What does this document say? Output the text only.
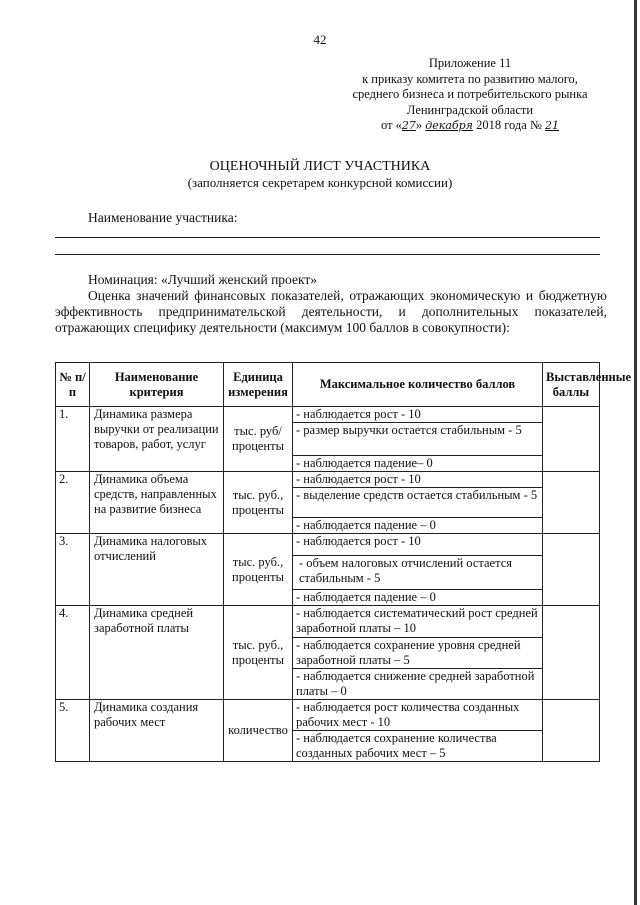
42
Приложение 11
к приказу комитета по развитию малого,
среднего бизнеса и потребительского рынка
Ленинградской области
от «27» декабря 2018 года № 21
ОЦЕНОЧНЫЙ ЛИСТ УЧАСТНИКА
(заполняется секретарем конкурсной комиссии)
Наименование участника:
Номинация: «Лучший женский проект»
Оценка значений финансовых показателей, отражающих экономическую и бюджетную эффективность предпринимательской деятельности, и дополнительных показателей, отражающих специфику деятельности (максимум 100 баллов в совокупности):
№ п/п	Наименование критерия	Единица измерения	Максимальное количество баллов	Выставленные баллы
1.	Динамика размера выручки от реализации товаров, работ, услуг	тыс. руб/ проценты	- наблюдается рост - 10	
			- размер выручки остается стабильным - 5	
			- наблюдается падение– 0	
2.	Динамика объема средств, направленных на развитие бизнеса	тыс. руб., проценты	- наблюдается рост - 10	
			- выделение средств остается стабильным - 5	
			- наблюдается падение – 0	
3.	Динамика налоговых отчислений	тыс. руб., проценты	- наблюдается рост - 10	
			- объем налоговых отчислений остается стабильным - 5	
			- наблюдается падение – 0	
4.	Динамика средней заработной платы	тыс. руб., проценты	- наблюдается систематический рост средней заработной платы – 10	
			- наблюдается сохранение уровня средней заработной платы – 5	
			- наблюдается снижение средней заработной платы – 0	
5.	Динамика создания рабочих мест	количество	- наблюдается рост количества созданных рабочих мест - 10	
			- наблюдается сохранение количества созданных рабочих мест – 5	
